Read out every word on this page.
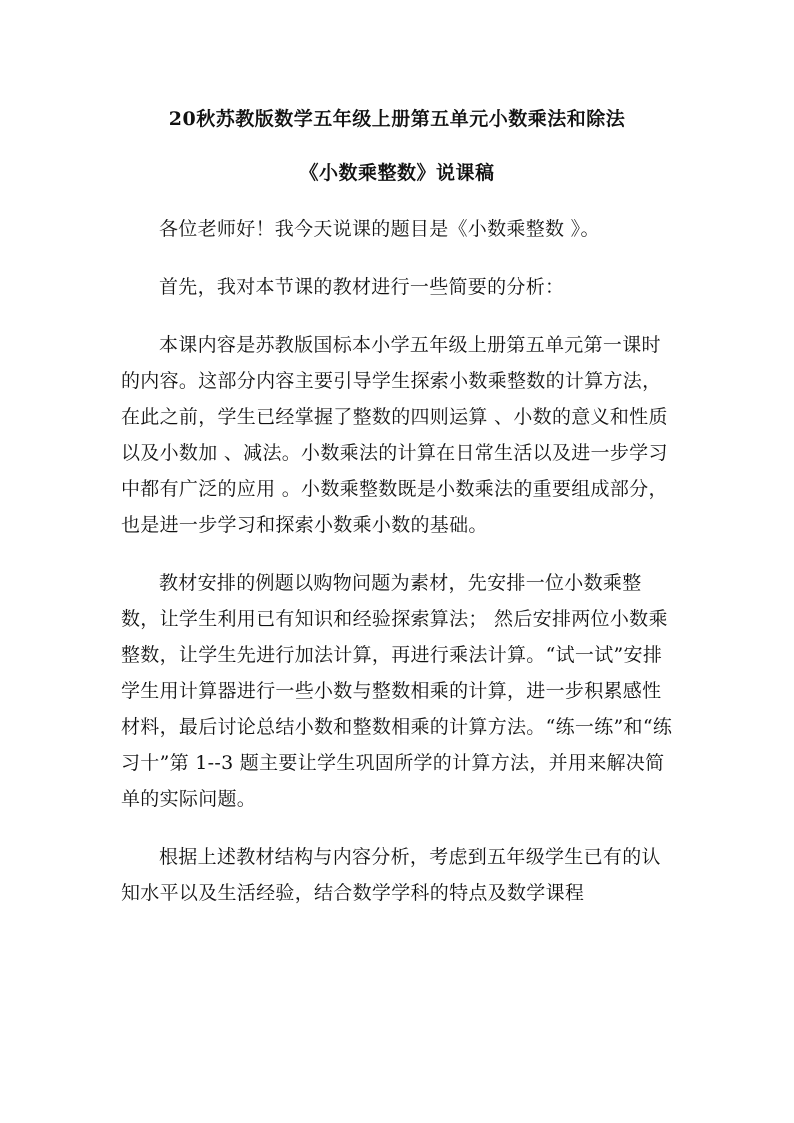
20秋苏教版数学五年级上册第五单元小数乘法和除法
《小数乘整数》说课稿

各位老师好！我今天说课的题目是《小数乘整数 》。

首先，我对本节课的教材进行一些简要的分析：

本课内容是苏教版国标本小学五年级上册第五单元第一课时的内容。这部分内容主要引导学生探索小数乘整数的计算方法，在此之前，学生已经掌握了整数的四则运算 、小数的意义和性质以及小数加 、减法。小数乘法的计算在日常生活以及进一步学习中都有广泛的应用 。小数乘整数既是小数乘法的重要组成部分，也是进一步学习和探索小数乘小数的基础。

教材安排的例题以购物问题为素材，先安排一位小数乘整数，让学生利用已有知识和经验探索算法； 然后安排两位小数乘整数，让学生先进行加法计算，再进行乘法计算。“试一试”安排学生用计算器进行一些小数与整数相乘的计算，进一步积累感性材料，最后讨论总结小数和整数相乘的计算方法。“练一练”和“练习十”第 1--3 题主要让学生巩固所学的计算方法，并用来解决简单的实际问题。

根据上述教材结构与内容分析，考虑到五年级学生已有的认知水平以及生活经验，结合数学学科的特点及数学课程
